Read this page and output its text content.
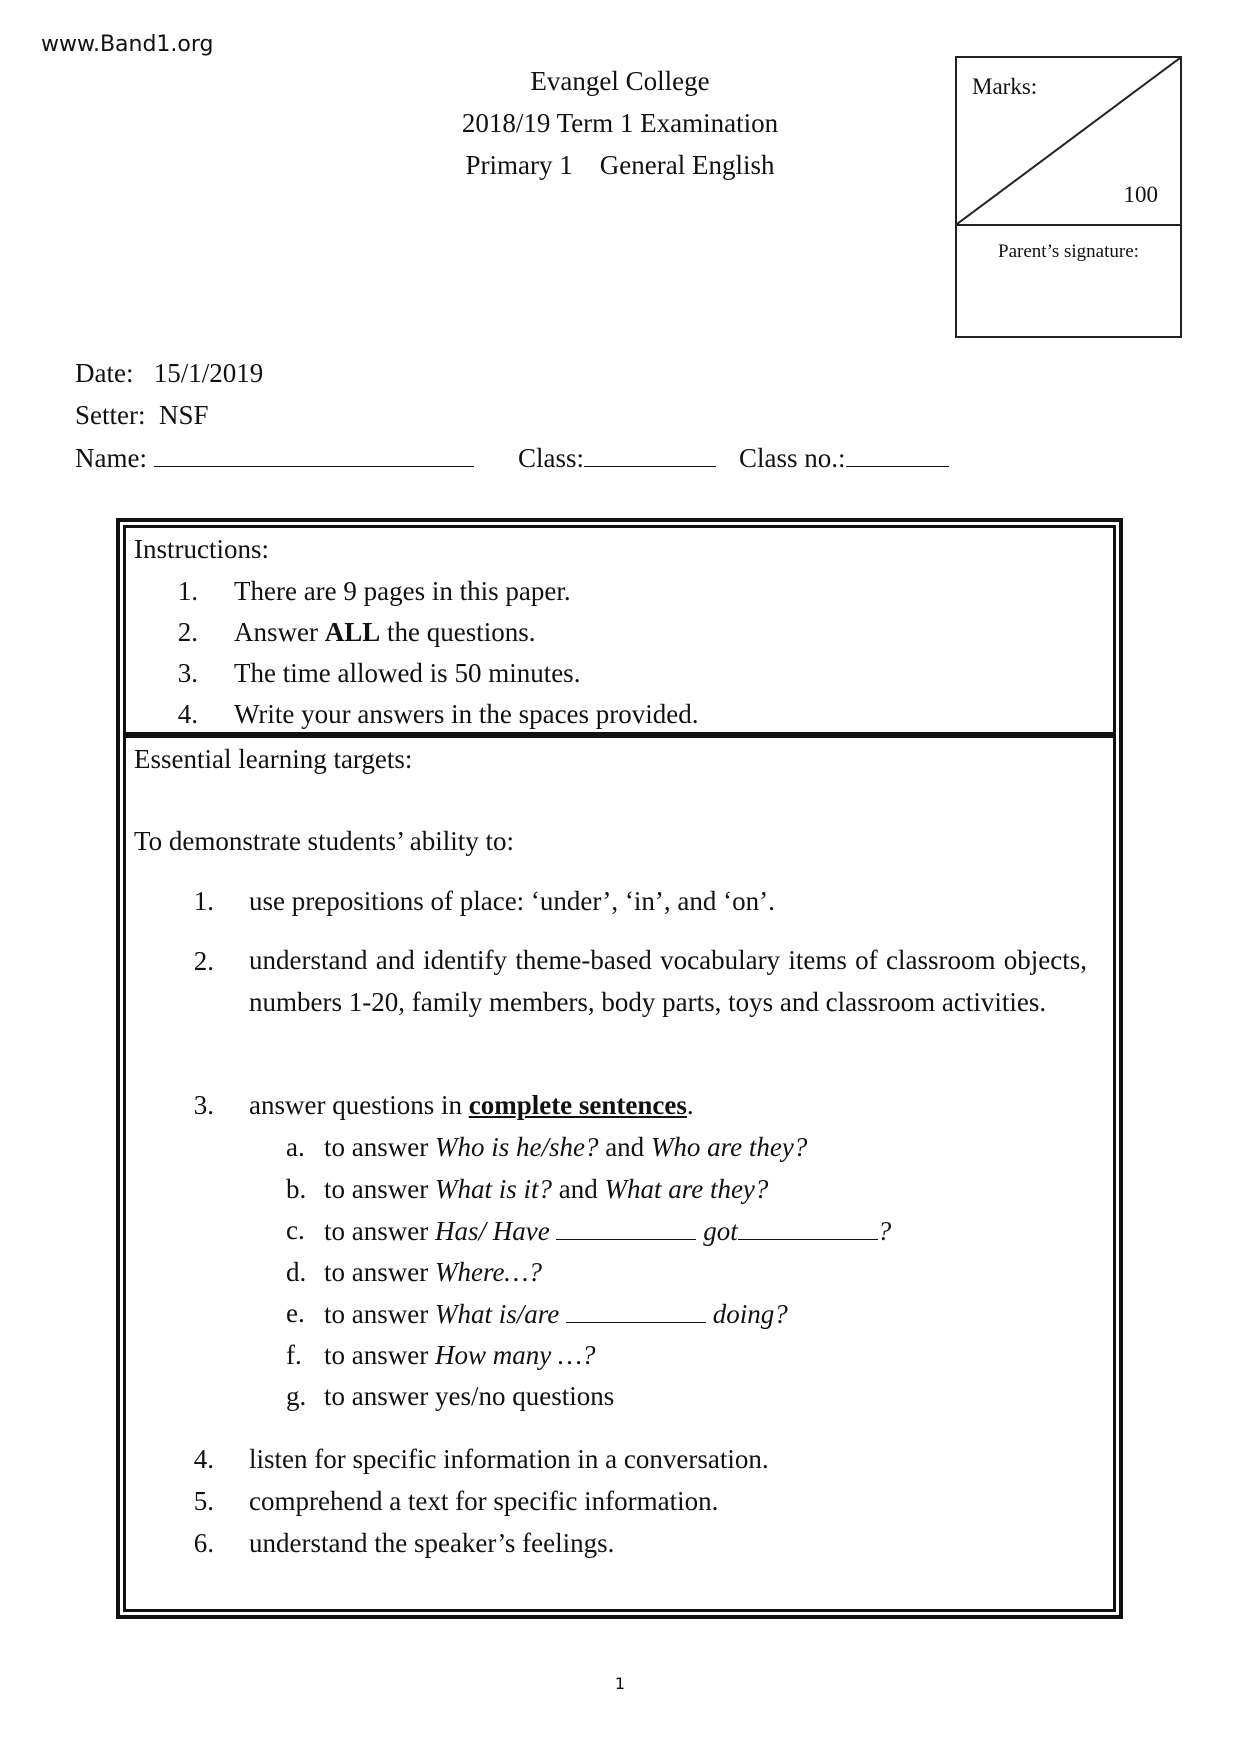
www.Band1.org
Evangel College
2018/19 Term 1 Examination
Primary 1 General English
Marks:
100
Parent’s signature:
Date: 15/1/2019
Setter: NSF
Name:	Class:	Class no.:
Instructions:
1. There are 9 pages in this paper.
2. Answer ALL the questions.
3. The time allowed is 50 minutes.
4. Write your answers in the spaces provided.
Essential learning targets:
To demonstrate students’ ability to:
1. use prepositions of place: ‘under’, ‘in’, and ‘on’.
2. understand and identify theme-based vocabulary items of classroom objects, numbers 1-20, family members, body parts, toys and classroom activities.
3. answer questions in complete sentences.
a. to answer Who is he/she? and Who are they?
b. to answer What is it? and What are they?
c. to answer Has/ Have	got	?
d. to answer Where…?
e. to answer What is/are	doing?
f. to answer How many …?
g. to answer yes/no questions
4. listen for specific information in a conversation.
5. comprehend a text for specific information.
6. understand the speaker’s feelings.
1
